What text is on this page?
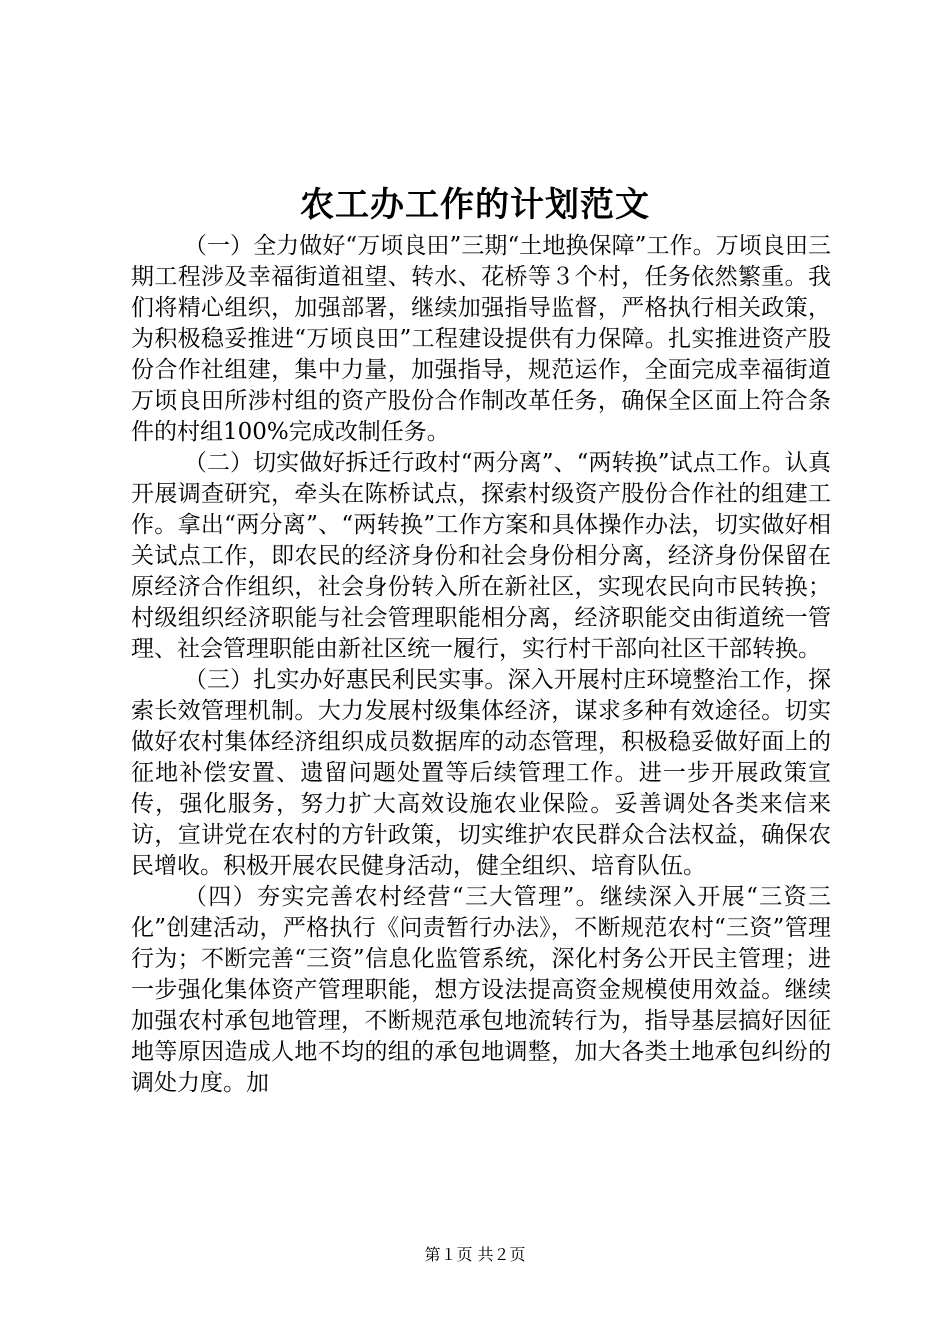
农工办工作的计划范文

（一）全力做好“万顷良田”三期“土地换保障”工作。万顷良田三期工程涉及幸福街道祖望、转水、花桥等３个村，任务依然繁重。我们将精心组织，加强部署，继续加强指导监督，严格执行相关政策，为积极稳妥推进“万顷良田”工程建设提供有力保障。扎实推进资产股份合作社组建，集中力量，加强指导，规范运作，全面完成幸福街道万顷良田所涉村组的资产股份合作制改革任务，确保全区面上符合条件的村组100%完成改制任务。

（二）切实做好拆迁行政村“两分离”、“两转换”试点工作。认真开展调查研究，牵头在陈桥试点，探索村级资产股份合作社的组建工作。拿出“两分离”、“两转换”工作方案和具体操作办法，切实做好相关试点工作，即农民的经济身份和社会身份相分离，经济身份保留在原经济合作组织，社会身份转入所在新社区，实现农民向市民转换；村级组织经济职能与社会管理职能相分离，经济职能交由街道统一管理、社会管理职能由新社区统一履行，实行村干部向社区干部转换。

（三）扎实办好惠民利民实事。深入开展村庄环境整治工作，探索长效管理机制。大力发展村级集体经济，谋求多种有效途径。切实做好农村集体经济组织成员数据库的动态管理，积极稳妥做好面上的征地补偿安置、遗留问题处置等后续管理工作。进一步开展政策宣传，强化服务，努力扩大高效设施农业保险。妥善调处各类来信来访，宣讲党在农村的方针政策，切实维护农民群众合法权益，确保农民增收。积极开展农民健身活动，健全组织、培育队伍。

（四）夯实完善农村经营“三大管理”。继续深入开展“三资三化”创建活动，严格执行《问责暂行办法》，不断规范农村“三资”管理行为；不断完善“三资”信息化监管系统，深化村务公开民主管理；进一步强化集体资产管理职能，想方设法提高资金规模使用效益。继续加强农村承包地管理，不断规范承包地流转行为，指导基层搞好因征地等原因造成人地不均的组的承包地调整，加大各类土地承包纠纷的调处力度。加

第１页 共２页
